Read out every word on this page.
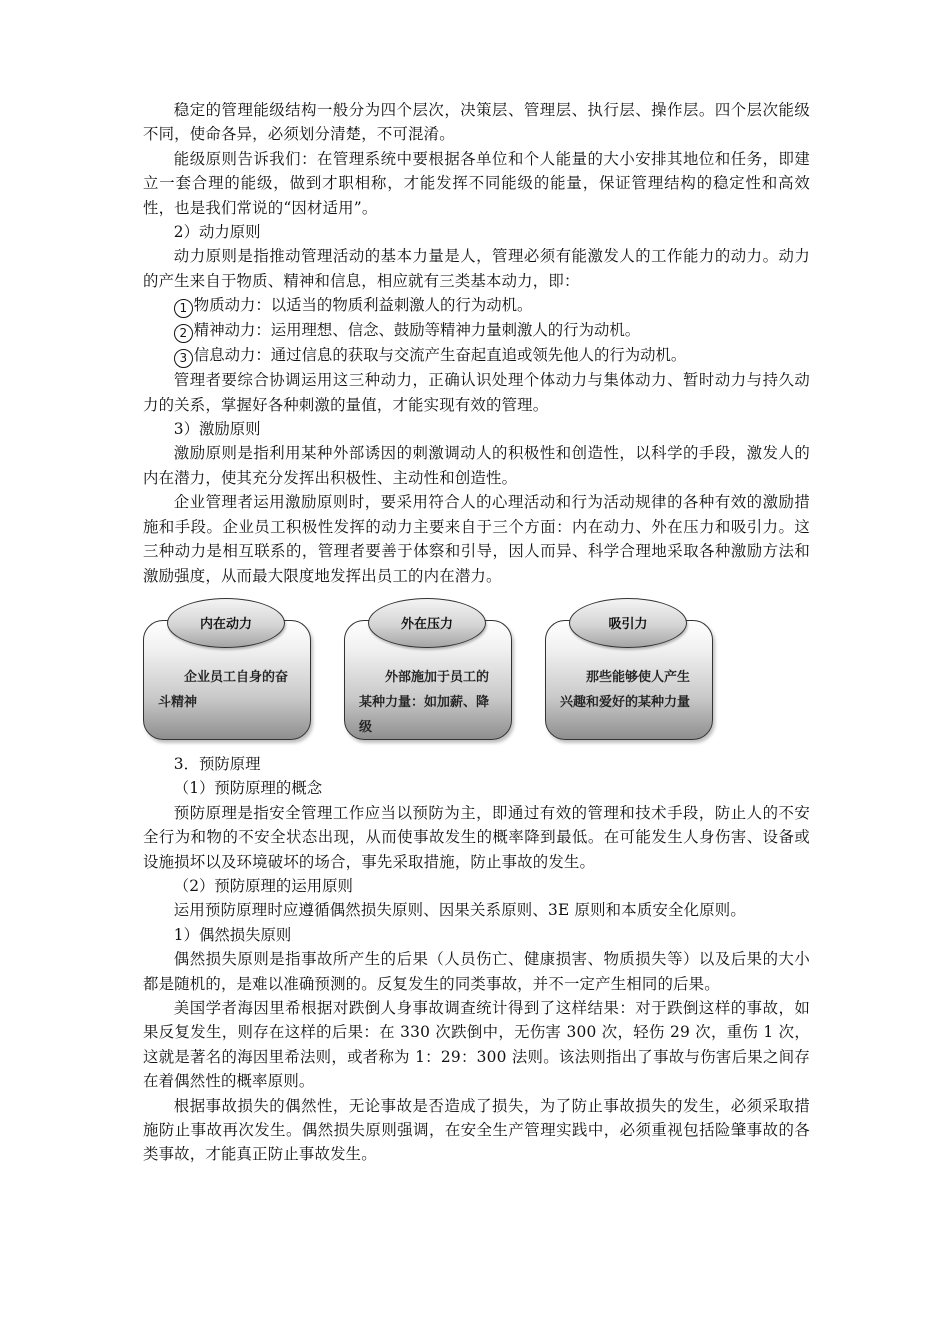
稳定的管理能级结构一般分为四个层次，决策层、管理层、执行层、操作层。四个层次能级不同，使命各异，必须划分清楚，不可混淆。

能级原则告诉我们：在管理系统中要根据各单位和个人能量的大小安排其地位和任务，即建立一套合理的能级，做到才职相称，才能发挥不同能级的能量，保证管理结构的稳定性和高效性，也是我们常说的“因材适用”。

2）动力原则

动力原则是指推动管理活动的基本力量是人，管理必须有能激发人的工作能力的动力。动力的产生来自于物质、精神和信息，相应就有三类基本动力，即：

1 物质动力：以适当的物质利益刺激人的行为动机。

2 精神动力：运用理想、信念、鼓励等精神力量刺激人的行为动机。

3 信息动力：通过信息的获取与交流产生奋起直追或领先他人的行为动机。

管理者要综合协调运用这三种动力，正确认识处理个体动力与集体动力、暂时动力与持久动力的关系，掌握好各种刺激的量值，才能实现有效的管理。

3）激励原则

激励原则是指利用某种外部诱因的刺激调动人的积极性和创造性，以科学的手段，激发人的内在潜力，使其充分发挥出积极性、主动性和创造性。

企业管理者运用激励原则时，要采用符合人的心理活动和行为活动规律的各种有效的激励措施和手段。企业员工积极性发挥的动力主要来自于三个方面：内在动力、外在压力和吸引力。这三种动力是相互联系的，管理者要善于体察和引导，因人而异、科学合理地采取各种激励方法和激励强度，从而最大限度地发挥出员工的内在潜力。

企业员工自身的奋斗精神
内在动力
外部施加于员工的某种力量：如加薪、降级
外在压力
那些能够使人产生兴趣和爱好的某种力量
吸引力

3．预防原理

（1）预防原理的概念

预防原理是指安全管理工作应当以预防为主，即通过有效的管理和技术手段，防止人的不安全行为和物的不安全状态出现，从而使事故发生的概率降到最低。在可能发生人身伤害、设备或设施损坏以及环境破坏的场合，事先采取措施，防止事故的发生。

（2）预防原理的运用原则

运用预防原理时应遵循偶然损失原则、因果关系原则、3E 原则和本质安全化原则。

1）偶然损失原则

偶然损失原则是指事故所产生的后果（人员伤亡、健康损害、物质损失等）以及后果的大小都是随机的，是难以准确预测的。反复发生的同类事故，并不一定产生相同的后果。

美国学者海因里希根据对跌倒人身事故调查统计得到了这样结果：对于跌倒这样的事故，如果反复发生，则存在这样的后果：在 330 次跌倒中，无伤害 300 次，轻伤 29 次，重伤 1 次，这就是著名的海因里希法则，或者称为 1：29：300 法则。该法则指出了事故与伤害后果之间存在着偶然性的概率原则。

根据事故损失的偶然性，无论事故是否造成了损失，为了防止事故损失的发生，必须采取措施防止事故再次发生。偶然损失原则强调，在安全生产管理实践中，必须重视包括险肇事故的各类事故，才能真正防止事故发生。
